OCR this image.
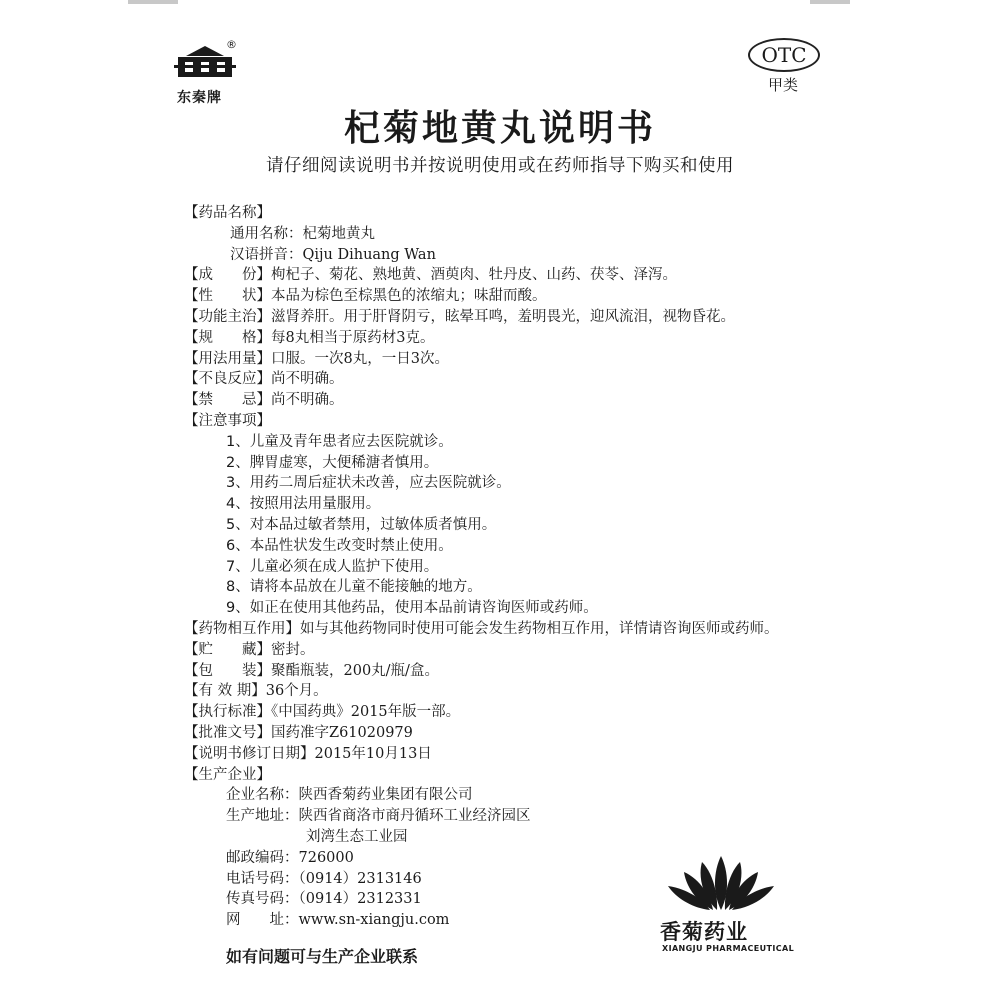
®
东秦牌
OTC
甲类
杞菊地黄丸说明书
请仔细阅读说明书并按说明使用或在药师指导下购买和使用
【药品名称】
通用名称：杞菊地黄丸
汉语拼音：Qiju Dihuang Wan
【成　　份】枸杞子、菊花、熟地黄、酒萸肉、牡丹皮、山药、茯苓、泽泻。
【性　　状】本品为棕色至棕黑色的浓缩丸；味甜而酸。
【功能主治】滋肾养肝。用于肝肾阴亏，眩晕耳鸣，羞明畏光，迎风流泪，视物昏花。
【规　　格】每8丸相当于原药材3克。
【用法用量】口服。一次8丸，一日3次。
【不良反应】尚不明确。
【禁　　忌】尚不明确。
【注意事项】
1、儿童及青年患者应去医院就诊。
2、脾胃虚寒，大便稀溏者慎用。
3、用药二周后症状未改善，应去医院就诊。
4、按照用法用量服用。
5、对本品过敏者禁用，过敏体质者慎用。
6、本品性状发生改变时禁止使用。
7、儿童必须在成人监护下使用。
8、请将本品放在儿童不能接触的地方。
9、如正在使用其他药品，使用本品前请咨询医师或药师。
【药物相互作用】如与其他药物同时使用可能会发生药物相互作用，详情请咨询医师或药师。
【贮　　藏】密封。
【包　　装】聚酯瓶装，200丸/瓶/盒。
【有 效 期】36个月。
【执行标准】《中国药典》2015年版一部。
【批准文号】国药准字Z61020979
【说明书修订日期】2015年10月13日
【生产企业】
企业名称：陕西香菊药业集团有限公司
生产地址：陕西省商洛市商丹循环工业经济园区
刘湾生态工业园
邮政编码：726000
电话号码：（0914）2313146
传真号码：（0914）2312331
网　　址：www.sn-xiangju.com
如有问题可与生产企业联系
香菊药业
XIANGJU PHARMACEUTICAL
